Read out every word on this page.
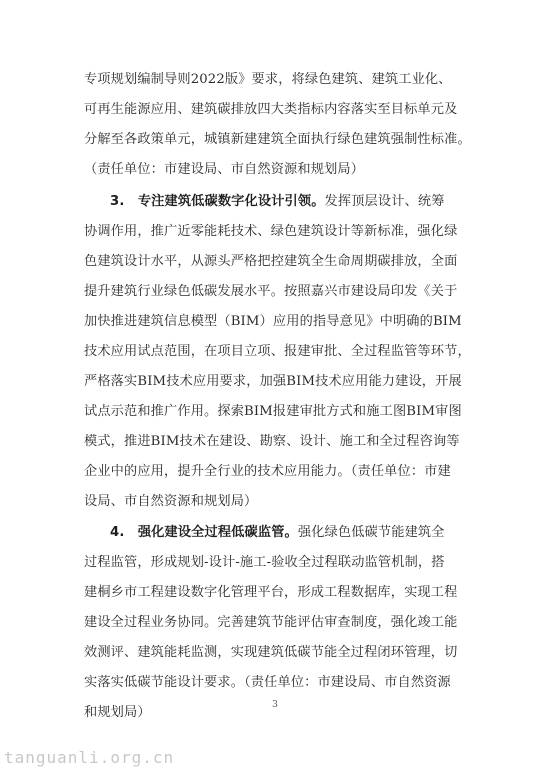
专项规划编制导则2022版》要求，将绿色建筑、建筑工业化、
可再生能源应用、建筑碳排放四大类指标内容落实至目标单元及
分解至各政策单元，城镇新建建筑全面执行绿色建筑强制性标准。
（责任单位：市建设局、市自然资源和规划局）
3.　专注建筑低碳数字化设计引领。发挥顶层设计、统筹
协调作用，推广近零能耗技术、绿色建筑设计等新标准，强化绿
色建筑设计水平，从源头严格把控建筑全生命周期碳排放，全面
提升建筑行业绿色低碳发展水平。按照嘉兴市建设局印发《关于
加快推进建筑信息模型（BIM）应用的指导意见》中明确的BIM
技术应用试点范围，在项目立项、报建审批、全过程监管等环节，
严格落实BIM技术应用要求，加强BIM技术应用能力建设，开展
试点示范和推广作用。探索BIM报建审批方式和施工图BIM审图
模式，推进BIM技术在建设、勘察、设计、施工和全过程咨询等
企业中的应用，提升全行业的技术应用能力。（责任单位：市建
设局、市自然资源和规划局）
4.　强化建设全过程低碳监管。强化绿色低碳节能建筑全
过程监管，形成规划-设计-施工-验收全过程联动监管机制，搭
建桐乡市工程建设数字化管理平台，形成工程数据库，实现工程
建设全过程业务协同。完善建筑节能评估审查制度，强化竣工能
效测评、建筑能耗监测，实现建筑低碳节能全过程闭环管理，切
实落实低碳节能设计要求。（责任单位：市建设局、市自然资源
和规划局）	3
tanguanli.org.cn
